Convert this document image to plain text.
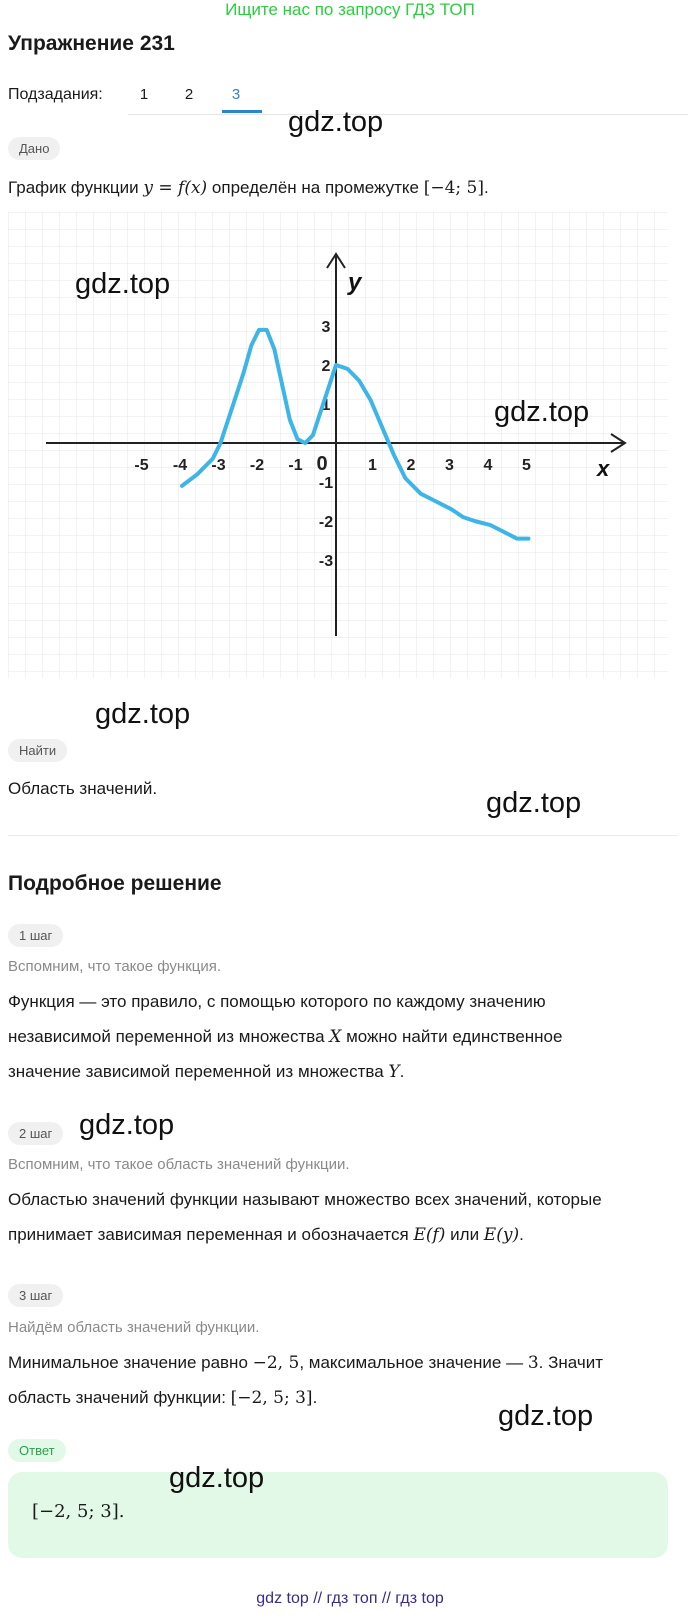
Ищите нас по запросу ГДЗ ТОП
Упражнение 231
Подзадания:	1	2	3
gdz.top
Дано
График функции y = f(x) определён на промежутке [−4; 5].
x
y
-5 -4 -3 -2 -1 0	1 2 3 4 5
3
2
1
-1
-2
-3
gdz.top
gdz.top
gdz.top
Найти
Область значений.	gdz.top
Подробное решение
1 шаг
Вспомним, что такое функция.
Функция — это правило, с помощью которого по каждому значению
независимой переменной из множества X можно найти единственное
значение зависимой переменной из множества Y.
2 шаг gdz.top
Вспомним, что такое область значений функции.
Областью значений функции называют множество всех значений, которые
принимает зависимая переменная и обозначается E(f) или E(y).
3 шаг
Найдём область значений функции.
Минимальное значение равно −2, 5, максимальное значение — 3. Значит
область значений функции: [−2, 5; 3].
gdz.top
Ответ
[−2, 5; 3].
gdz.top
gdz top // гдз топ // гдз top
